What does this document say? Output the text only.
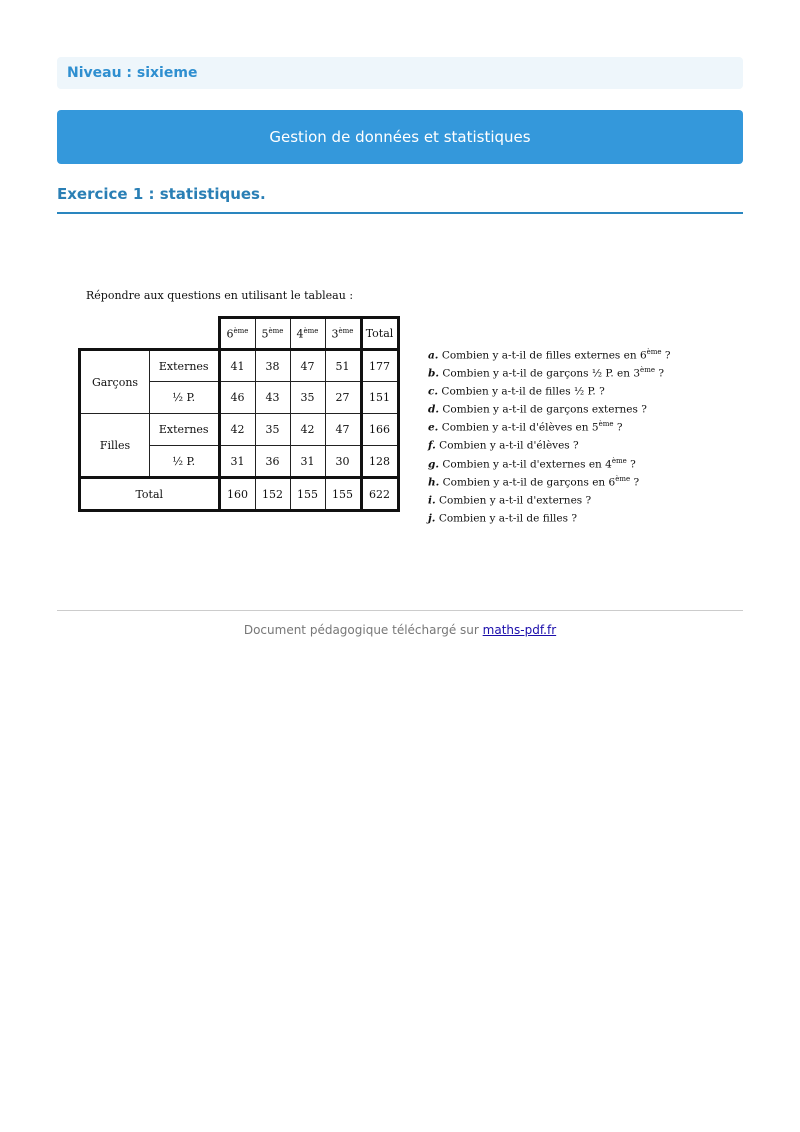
Niveau : sixieme
Gestion de données et statistiques
Exercice 1 : statistiques.
Répondre aux questions en utilisant le tableau :
		6ème	5ème	4ème	3ème	Total
Garçons	Externes	41	38	47	51	177
	½ P.	46	43	35	27	151
Filles	Externes	42	35	42	47	166
	½ P.	31	36	31	30	128
Total		160	152	155	155	622
a. Combien y a-t-il de filles externes en 6ème ?
b. Combien y a-t-il de garçons ½ P. en 3ème ?
c. Combien y a-t-il de filles ½ P. ?
d. Combien y a-t-il de garçons externes ?
e. Combien y a-t-il d'élèves en 5ème ?
f. Combien y a-t-il d'élèves ?
g. Combien y a-t-il d'externes en 4ème ?
h. Combien y a-t-il de garçons en 6ème ?
i. Combien y a-t-il d'externes ?
j. Combien y a-t-il de filles ?
Document pédagogique téléchargé sur maths-pdf.fr
